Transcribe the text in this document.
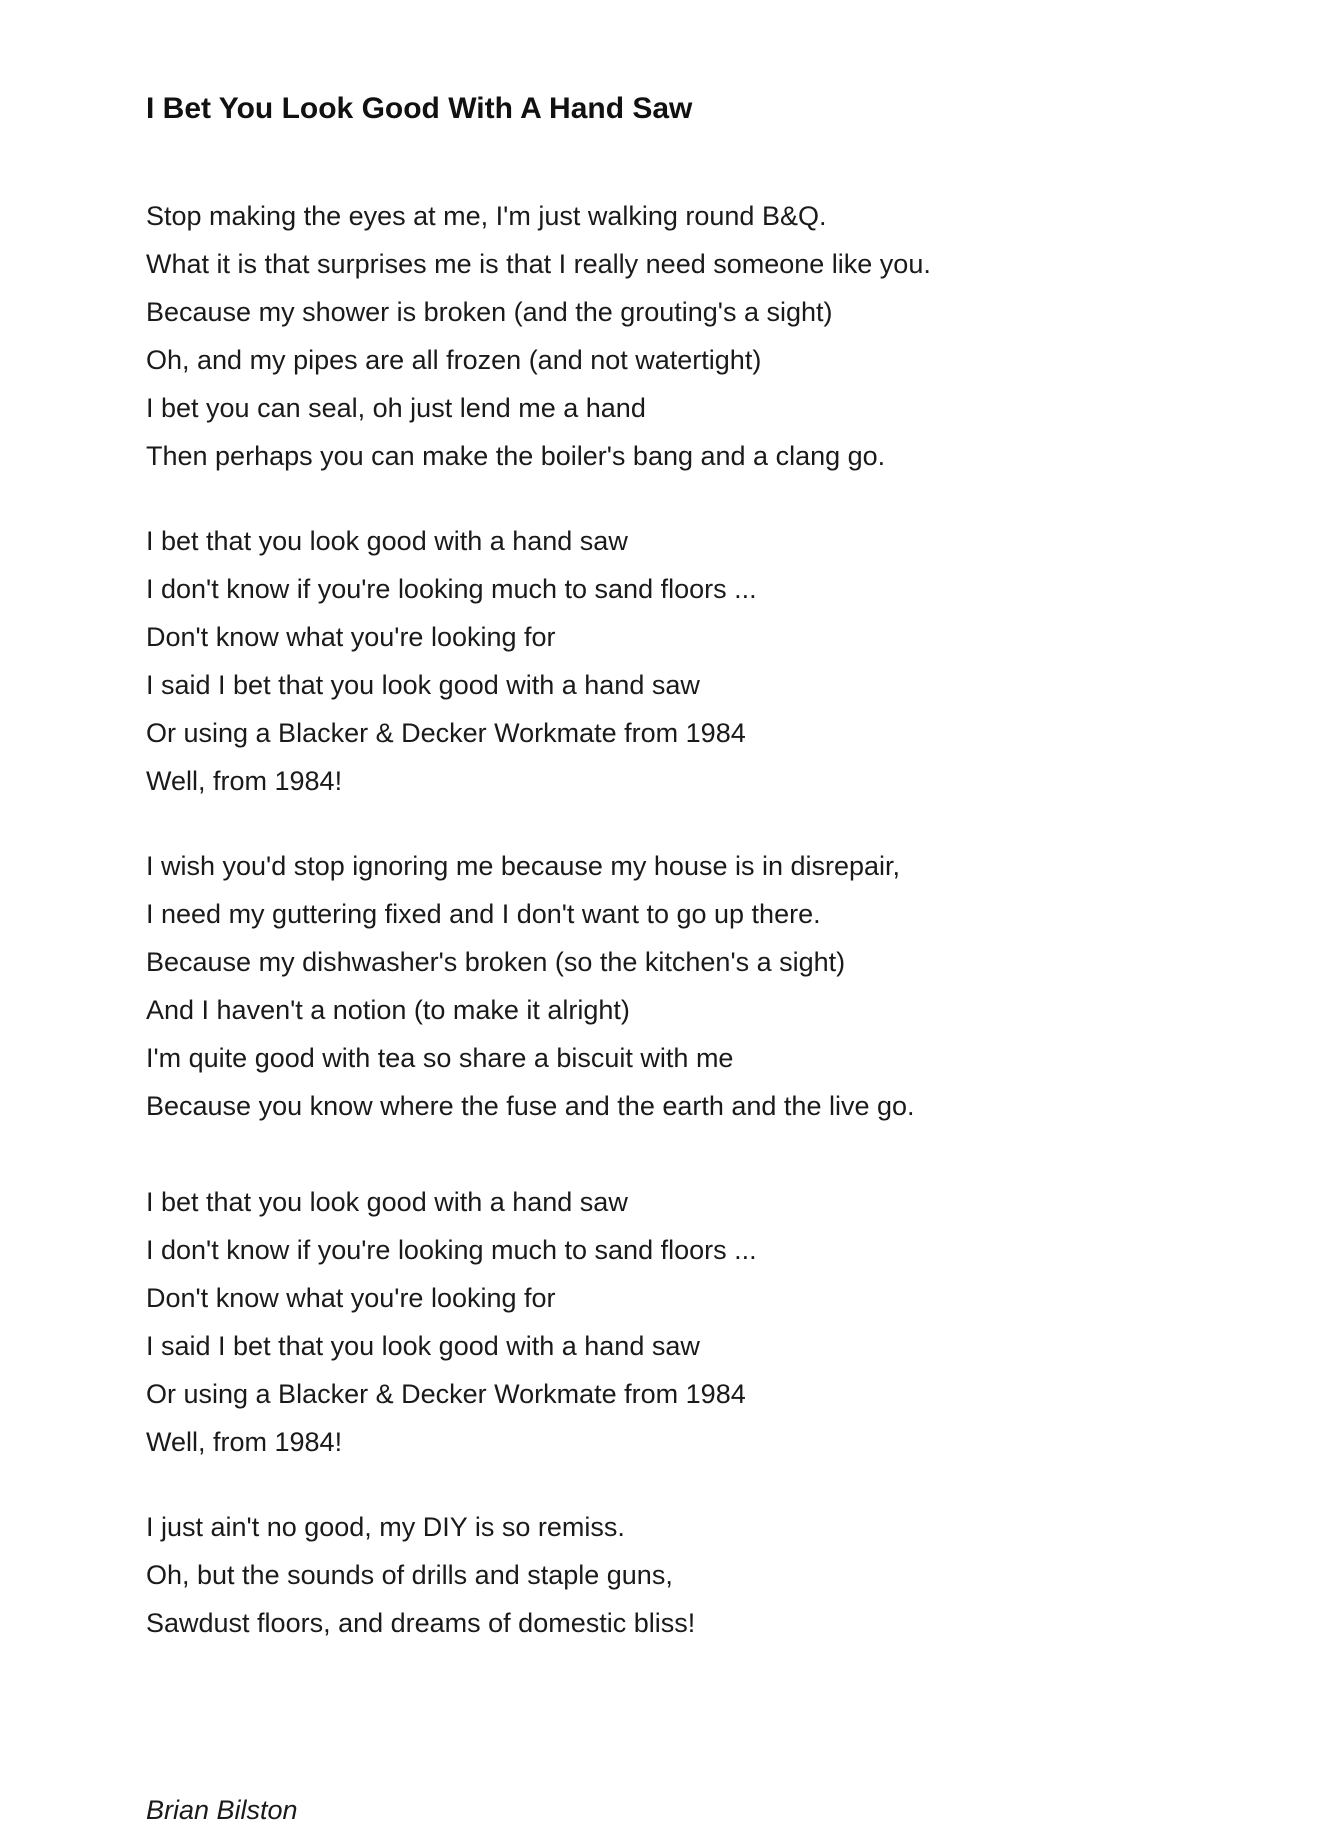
I Bet You Look Good With A Hand Saw
Stop making the eyes at me, I'm just walking round B&Q.
What it is that surprises me is that I really need someone like you.
Because my shower is broken (and the grouting's a sight)
Oh, and my pipes are all frozen (and not watertight)
I bet you can seal, oh just lend me a hand
Then perhaps you can make the boiler's bang and a clang go.
I bet that you look good with a hand saw
I don't know if you're looking much to sand floors ...
Don't know what you're looking for
I said I bet that you look good with a hand saw
Or using a Blacker & Decker Workmate from 1984
Well, from 1984!
I wish you'd stop ignoring me because my house is in disrepair,
I need my guttering fixed and I don't want to go up there.
Because my dishwasher's broken (so the kitchen's a sight)
And I haven't a notion (to make it alright)
I'm quite good with tea so share a biscuit with me
Because you know where the fuse and the earth and the live go.
I bet that you look good with a hand saw
I don't know if you're looking much to sand floors ...
Don't know what you're looking for
I said I bet that you look good with a hand saw
Or using a Blacker & Decker Workmate from 1984
Well, from 1984!
I just ain't no good, my DIY is so remiss.
Oh, but the sounds of drills and staple guns,
Sawdust floors, and dreams of domestic bliss!
Brian Bilston
